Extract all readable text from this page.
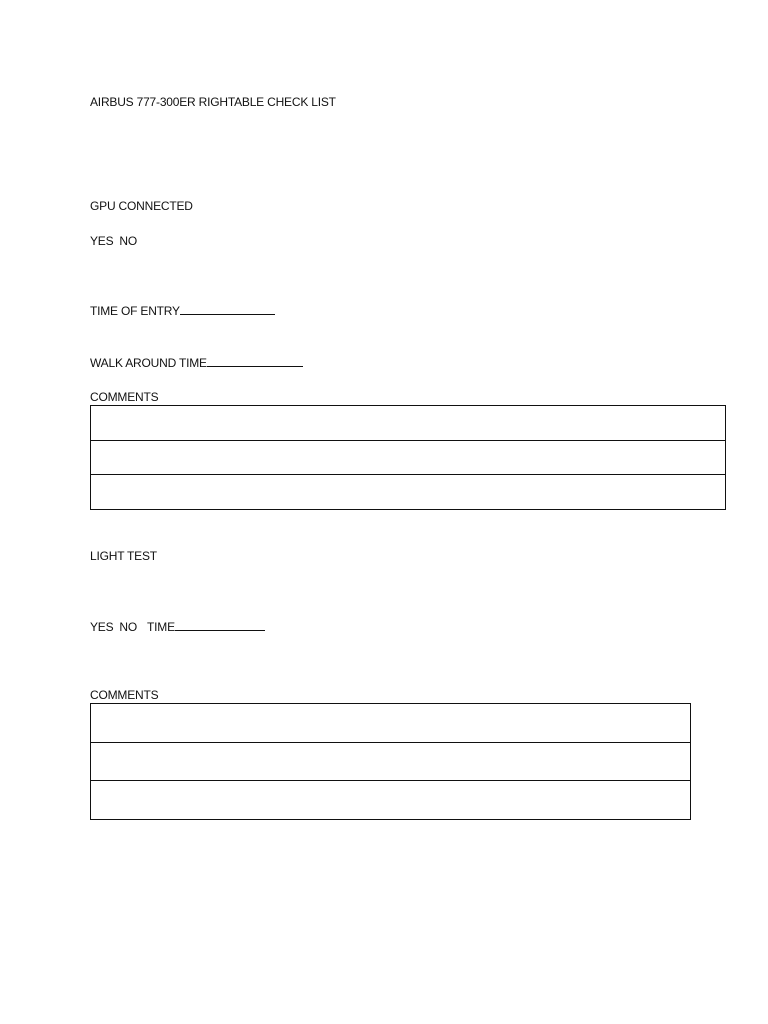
AIRBUS 777-300ER RIGHTABLE CHECK LIST
GPU CONNECTED
YES NO
TIME OF ENTRY
WALK AROUND TIME
COMMENTS

LIGHT TEST
YES NO TIME
COMMENTS
